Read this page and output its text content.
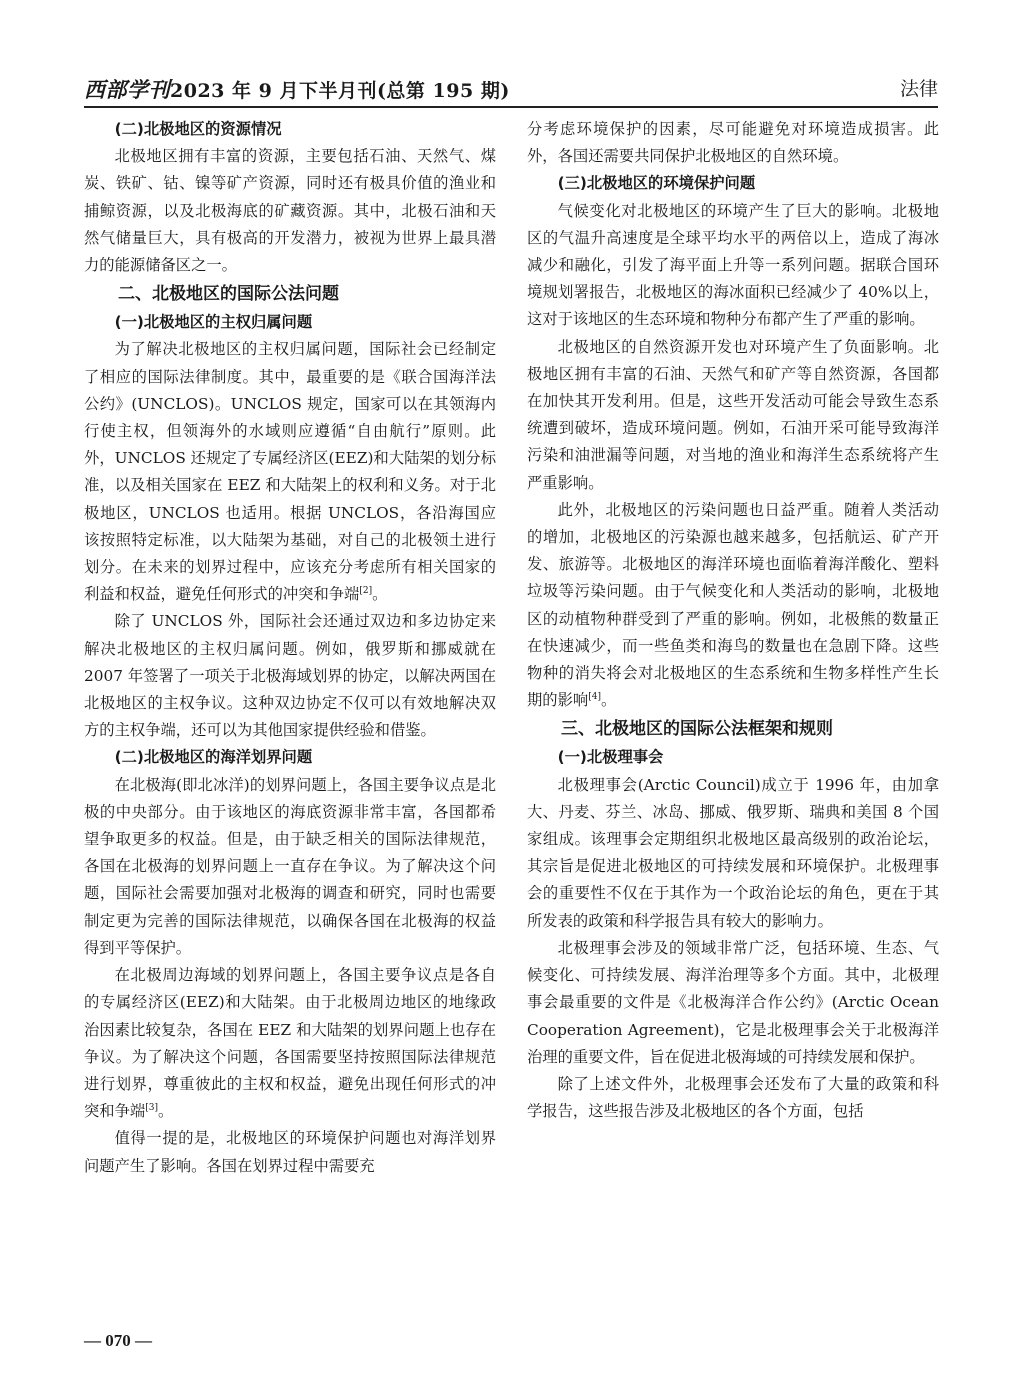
西部学刊2023 年 9 月下半月刊(总第 195 期)	法律
(二)北极地区的资源情况

北极地区拥有丰富的资源，主要包括石油、天然气、煤炭、铁矿、钴、镍等矿产资源，同时还有极具价值的渔业和捕鲸资源，以及北极海底的矿藏资源。其中，北极石油和天然气储量巨大，具有极高的开发潜力，被视为世界上最具潜力的能源储备区之一。

二、北极地区的国际公法问题
(一)北极地区的主权归属问题

为了解决北极地区的主权归属问题，国际社会已经制定了相应的国际法律制度。其中，最重要的是《联合国海洋法公约》(UNCLOS)。UNCLOS 规定，国家可以在其领海内行使主权，但领海外的水域则应遵循“自由航行”原则。此外，UNCLOS 还规定了专属经济区(EEZ)和大陆架的划分标准，以及相关国家在 EEZ 和大陆架上的权利和义务。对于北极地区，UNCLOS 也适用。根据 UNCLOS，各沿海国应该按照特定标准，以大陆架为基础，对自己的北极领土进行划分。在未来的划界过程中，应该充分考虑所有相关国家的利益和权益，避免任何形式的冲突和争端[2]。

除了 UNCLOS 外，国际社会还通过双边和多边协定来解决北极地区的主权归属问题。例如，俄罗斯和挪威就在 2007 年签署了一项关于北极海域划界的协定，以解决两国在北极地区的主权争议。这种双边协定不仅可以有效地解决双方的主权争端，还可以为其他国家提供经验和借鉴。

(二)北极地区的海洋划界问题

在北极海(即北冰洋)的划界问题上，各国主要争议点是北极的中央部分。由于该地区的海底资源非常丰富，各国都希望争取更多的权益。但是，由于缺乏相关的国际法律规范，各国在北极海的划界问题上一直存在争议。为了解决这个问题，国际社会需要加强对北极海的调查和研究，同时也需要制定更为完善的国际法律规范，以确保各国在北极海的权益得到平等保护。

在北极周边海域的划界问题上，各国主要争议点是各自的专属经济区(EEZ)和大陆架。由于北极周边地区的地缘政治因素比较复杂，各国在 EEZ 和大陆架的划界问题上也存在争议。为了解决这个问题，各国需要坚持按照国际法律规范进行划界，尊重彼此的主权和权益，避免出现任何形式的冲突和争端[3]。

值得一提的是，北极地区的环境保护问题也对海洋划界问题产生了影响。各国在划界过程中需要充

分考虑环境保护的因素，尽可能避免对环境造成损害。此外，各国还需要共同保护北极地区的自然环境。

(三)北极地区的环境保护问题

气候变化对北极地区的环境产生了巨大的影响。北极地区的气温升高速度是全球平均水平的两倍以上，造成了海冰减少和融化，引发了海平面上升等一系列问题。据联合国环境规划署报告，北极地区的海冰面积已经减少了 40%以上，这对于该地区的生态环境和物种分布都产生了严重的影响。

北极地区的自然资源开发也对环境产生了负面影响。北极地区拥有丰富的石油、天然气和矿产等自然资源，各国都在加快其开发利用。但是，这些开发活动可能会导致生态系统遭到破坏，造成环境问题。例如，石油开采可能导致海洋污染和油泄漏等问题，对当地的渔业和海洋生态系统将产生严重影响。

此外，北极地区的污染问题也日益严重。随着人类活动的增加，北极地区的污染源也越来越多，包括航运、矿产开发、旅游等。北极地区的海洋环境也面临着海洋酸化、塑料垃圾等污染问题。由于气候变化和人类活动的影响，北极地区的动植物种群受到了严重的影响。例如，北极熊的数量正在快速减少，而一些鱼类和海鸟的数量也在急剧下降。这些物种的消失将会对北极地区的生态系统和生物多样性产生长期的影响[4]。

三、北极地区的国际公法框架和规则
(一)北极理事会

北极理事会(Arctic Council)成立于 1996 年，由加拿大、丹麦、芬兰、冰岛、挪威、俄罗斯、瑞典和美国 8 个国家组成。该理事会定期组织北极地区最高级别的政治论坛，其宗旨是促进北极地区的可持续发展和环境保护。北极理事会的重要性不仅在于其作为一个政治论坛的角色，更在于其所发表的政策和科学报告具有较大的影响力。

北极理事会涉及的领域非常广泛，包括环境、生态、气候变化、可持续发展、海洋治理等多个方面。其中，北极理事会最重要的文件是《北极海洋合作公约》(Arctic Ocean Cooperation Agreement)，它是北极理事会关于北极海洋治理的重要文件，旨在促进北极海域的可持续发展和保护。

除了上述文件外，北极理事会还发布了大量的政策和科学报告，这些报告涉及北极地区的各个方面，包括

— 070 —
